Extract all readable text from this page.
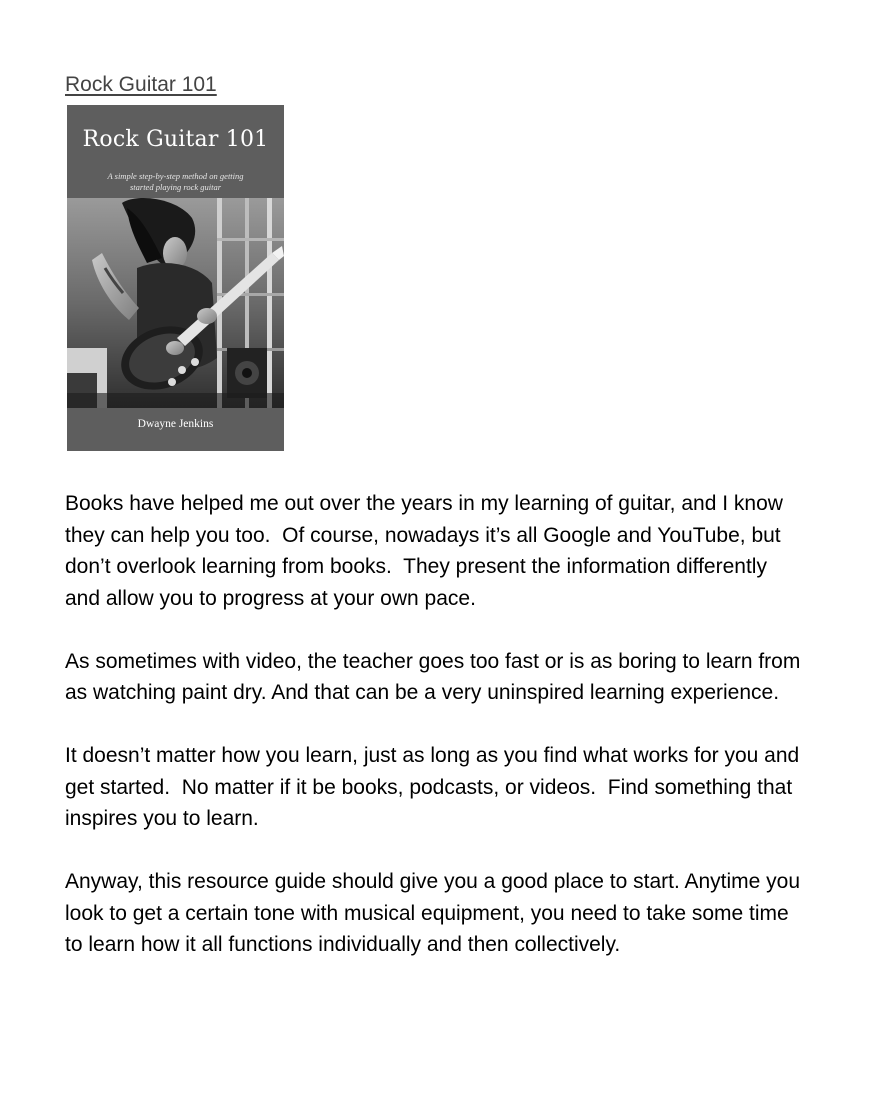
Rock Guitar 101
Rock Guitar 101
A simple step-by-step method on getting started playing rock guitar
Dwayne Jenkins

Books have helped me out over the years in my learning of guitar, and I know they can help you too.  Of course, nowadays it’s all Google and YouTube, but don’t overlook learning from books.  They present the information differently and allow you to progress at your own pace.

As sometimes with video, the teacher goes too fast or is as boring to learn from as watching paint dry. And that can be a very uninspired learning experience.

It doesn’t matter how you learn, just as long as you find what works for you and get started.  No matter if it be books, podcasts, or videos.  Find something that inspires you to learn.

Anyway, this resource guide should give you a good place to start. Anytime you look to get a certain tone with musical equipment, you need to take some time to learn how it all functions individually and then collectively.
